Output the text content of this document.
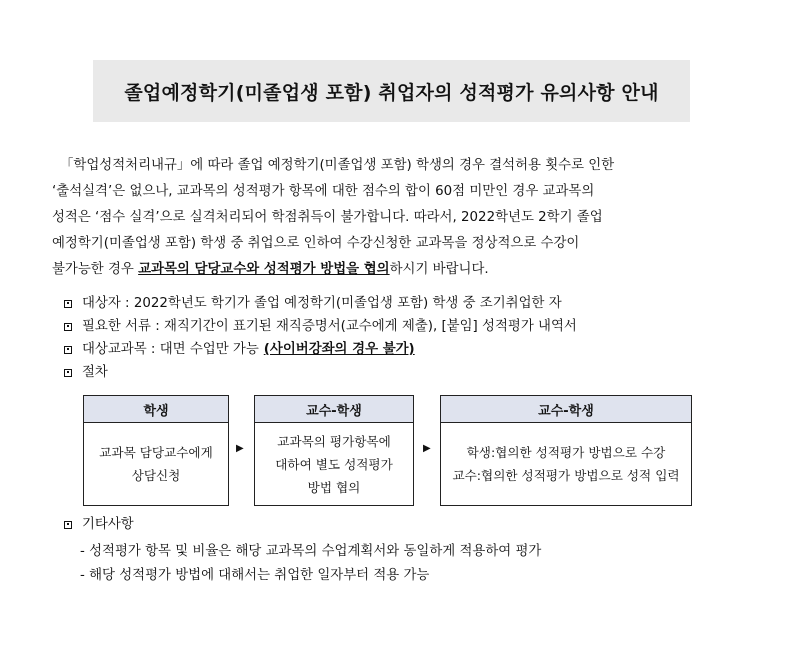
졸업예정학기(미졸업생 포함) 취업자의 성적평가 유의사항 안내
「학업성적처리내규」에 따라 졸업 예정학기(미졸업생 포함) 학생의 경우 결석허용 횟수로 인한
‘출석실격’은 없으나, 교과목의 성적평가 항목에 대한 점수의 합이 60점 미만인 경우 교과목의
성적은 ‘점수 실격’으로 실격처리되어 학점취득이 불가합니다. 따라서, 2022학년도 2학기 졸업
예정학기(미졸업생 포함) 학생 중 취업으로 인하여 수강신청한 교과목을 정상적으로 수강이
불가능한 경우 교과목의 담당교수와 성적평가 방법을 협의하시기 바랍니다.
대상자 : 2022학년도 학기가 졸업 예정학기(미졸업생 포함) 학생 중 조기취업한 자
필요한 서류 : 재직기간이 표기된 재직증명서(교수에게 제출), [붙임] 성적평가 내역서
대상교과목 : 대면 수업만 가능 (사이버강좌의 경우 불가)
절차
학생
교과목 담당교수에게
상담신청
▶
교수-학생
교과목의 평가항목에
대하여 별도 성적평가
방법 협의
▶
교수-학생
학생:협의한 성적평가 방법으로 수강
교수:협의한 성적평가 방법으로 성적 입력
기타사항
- 성적평가 항목 및 비율은 해당 교과목의 수업계획서와 동일하게 적용하여 평가
- 해당 성적평가 방법에 대해서는 취업한 일자부터 적용 가능
